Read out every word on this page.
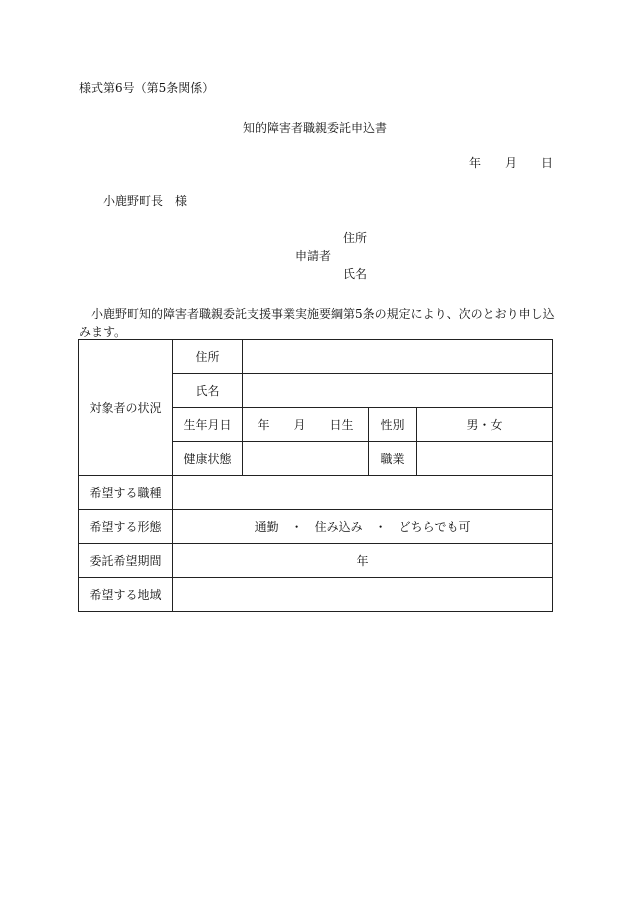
様式第6号（第5条関係）
知的障害者職親委託申込書
年 月 日
小鹿野町長　様
住所
申請者
氏名
小鹿野町知的障害者職親委託支援事業実施要綱第5条の規定により、次のとおり申し込みます。
対象者の状況	住所			
	氏名			
	生年月日	年　　月　　日生	性別	男・女
	健康状態		職業	
希望する職種				
希望する形態	通勤　・　住み込み　・　どちらでも可			
委託希望期間	年			
希望する地域				
